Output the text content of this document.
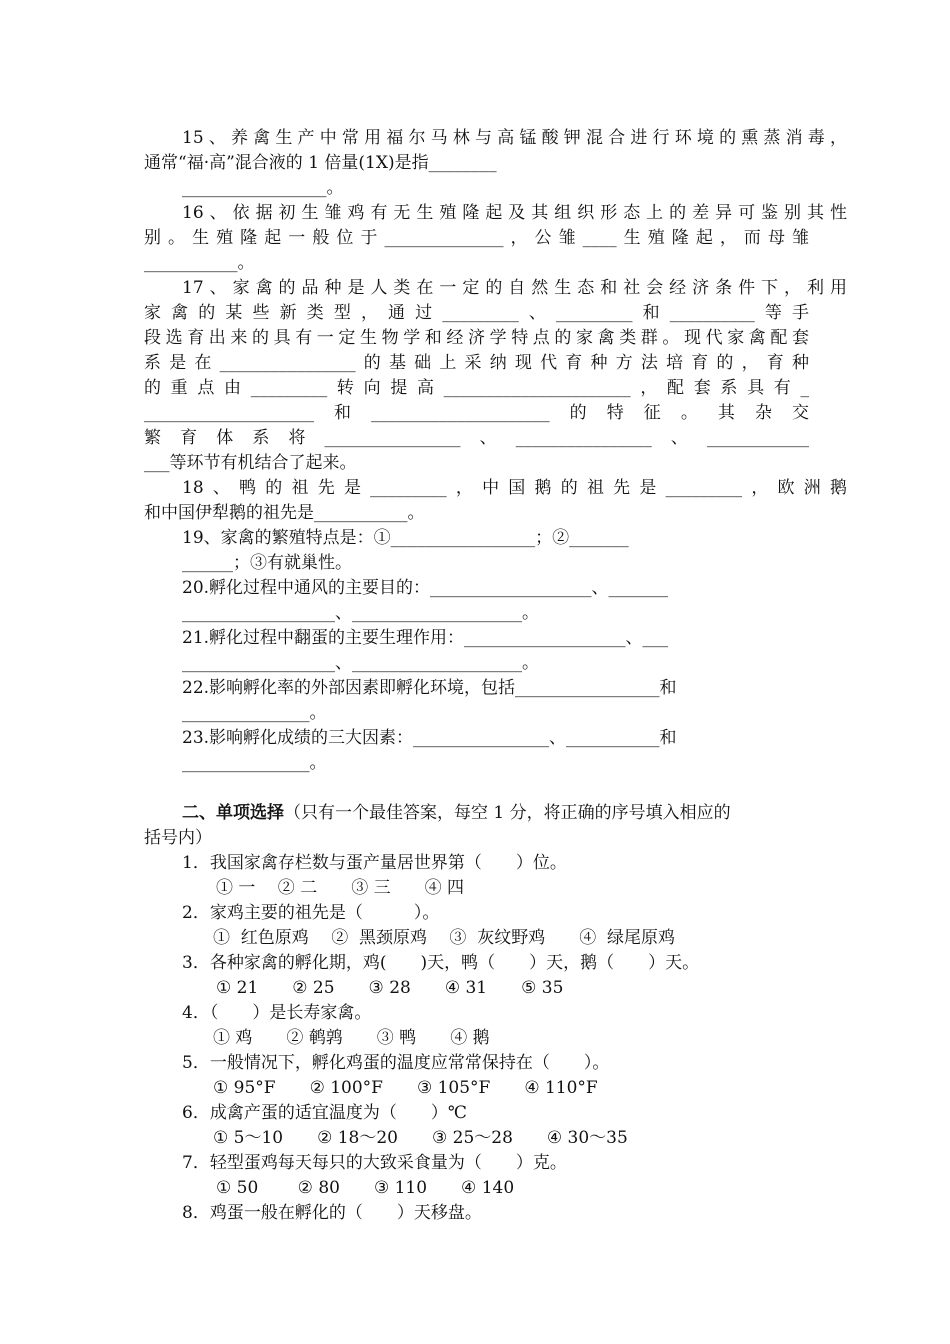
15、养禽生产中常用福尔马林与高锰酸钾混合进行环境的熏蒸消毒，
通常“福·高”混合液的 1 倍量(1X)是指________
_________________。
16、依据初生雏鸡有无生殖隆起及其组织形态上的差异可鉴别其性
别。生殖隆起一般位于______________，公雏____生殖隆起，而母雏
___________。
17、家禽的品种是人类在一定的自然生态和社会经济条件下，利用
家禽的某些新类型，通过_________、_________和__________等手
段选育出来的具有一定生物学和经济学特点的家禽类群。现代家禽配套
系是在________________的基础上采纳现代育种方法培育的，育种
的重点由_________转向提高______________________，配套系具有_
____________________和_____________________的特征。其杂交
繁育体系将________________、________________、____________
___等环节有机结合了起来。
18、鸭的祖先是_________，中国鹅的祖先是_________，欧洲鹅
和中国伊犁鹅的祖先是___________。
19、家禽的繁殖特点是：①_________________；②_______
______；③有就巢性。
20.孵化过程中通风的主要目的：___________________、_______
__________________、____________________。
21.孵化过程中翻蛋的主要生理作用：___________________、___
__________________、____________________。
22.影响孵化率的外部因素即孵化环境，包括_________________和
_______________。
23.影响孵化成绩的三大因素：________________、___________和
_______________。
二、单项选择（只有一个最佳答案，每空 1 分，将正确的序号填入相应的
括号内）
1．我国家禽存栏数与蛋产量居世界第（　　）位。
① 一　 ② 二　　③ 三　　④ 四
2．家鸡主要的祖先是（　　　）。
①  红色原鸡　 ②  黑颈原鸡　 ③  灰纹野鸡　　④  绿尾原鸡
3．各种家禽的孵化期，鸡(　　)天，鸭（　　）天，鹅（　　）天。
① 21　　② 25　　③ 28　　④ 31　　⑤ 35
4．（　　）是长寿家禽。
① 鸡　　② 鹌鹑　　③ 鸭　　④ 鹅
5．一般情况下，孵化鸡蛋的温度应常常保持在（　　）。
① 95°F　　② 100°F　　③ 105°F　　④ 110°F
6．成禽产蛋的适宜温度为（　　）℃
① 5～10　　② 18～20　　③ 25～28　　④ 30～35
7．轻型蛋鸡每天每只的大致采食量为（　　）克。
① 50　　 ② 80　　③ 110　　④ 140
8．鸡蛋一般在孵化的（　　）天移盘。
